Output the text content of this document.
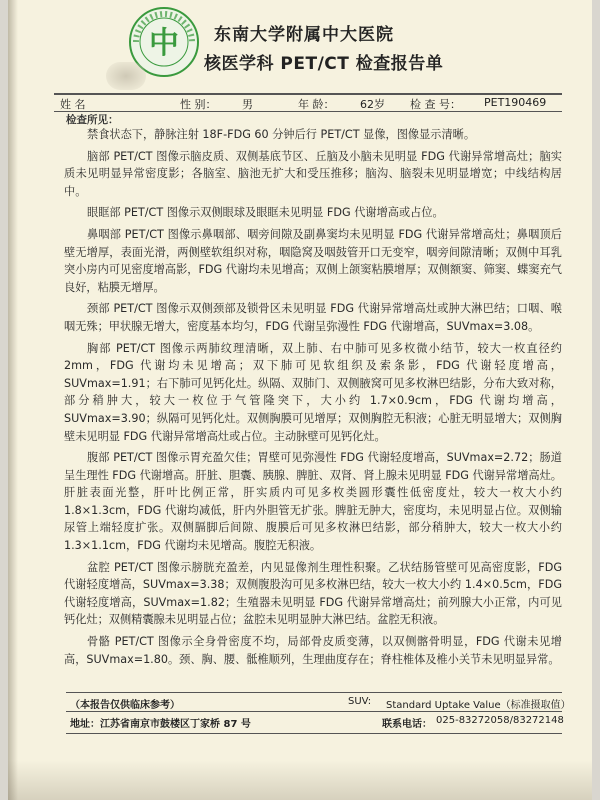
中 东南大学附属中大医院
核医学科 PET/CT 检查报告单
姓 名	性 别： 男	年 龄： 62岁 检 查 号： PET190469
检查所见：

禁食状态下，静脉注射 18F-FDG 60 分钟后行 PET/CT 显像，图像显示清晰。

脑部 PET/CT 图像示脑皮质、双侧基底节区、丘脑及小脑未见明显 FDG 代谢异常增高灶；脑实质未见明显异常密度影；各脑室、脑池无扩大和受压推移；脑沟、脑裂未见明显增宽；中线结构居中。

眼眶部 PET/CT 图像示双侧眼球及眼眶未见明显 FDG 代谢增高或占位。

鼻咽部 PET/CT 图像示鼻咽部、咽旁间隙及副鼻窦均未见明显 FDG 代谢异常增高灶；鼻咽顶后壁无增厚，表面光滑，两侧壁软组织对称，咽隐窝及咽鼓管开口无变窄，咽旁间隙清晰；双侧中耳乳突小房内可见密度增高影，FDG 代谢均未见增高；双侧上颌窦粘膜增厚；双侧额窦、筛窦、蝶窦充气良好，粘膜无增厚。

颈部 PET/CT 图像示双侧颈部及锁骨区未见明显 FDG 代谢异常增高灶或肿大淋巴结；口咽、喉咽无殊；甲状腺无增大，密度基本均匀，FDG 代谢呈弥漫性 FDG 代谢增高，SUVmax=3.08。

胸部 PET/CT 图像示两肺纹理清晰，双上肺、右中肺可见多枚微小结节，较大一枚直径约 2mm，FDG 代谢均未见增高；双下肺可见软组织及索条影，FDG 代谢轻度增高，SUVmax=1.91；右下肺可见钙化灶。纵隔、双肺门、双侧腋窝可见多枚淋巴结影，分布大致对称，部分稍肿大，较大一枚位于气管隆突下，大小约 1.7×0.9cm，FDG 代谢均增高，SUVmax=3.90；纵隔可见钙化灶。双侧胸膜可见增厚；双侧胸腔无积液；心脏无明显增大；双侧胸壁未见明显 FDG 代谢异常增高灶或占位。主动脉壁可见钙化灶。

腹部 PET/CT 图像示胃充盈欠佳；胃壁可见弥漫性 FDG 代谢轻度增高，SUVmax=2.72；肠道呈生理性 FDG 代谢增高。肝脏、胆囊、胰腺、脾脏、双肾、肾上腺未见明显 FDG 代谢异常增高灶。肝脏表面光整，肝叶比例正常，肝实质内可见多枚类圆形囊性低密度灶，较大一枚大小约 1.8×1.3cm，FDG 代谢均减低，肝内外胆管无扩张。脾脏无肿大，密度均，未见明显占位。双侧输尿管上端轻度扩张。双侧膈脚后间隙、腹膜后可见多枚淋巴结影，部分稍肿大，较大一枚大小约 1.3×1.1cm，FDG 代谢均未见增高。腹腔无积液。

盆腔 PET/CT 图像示膀胱充盈差，内见显像剂生理性积聚。乙状结肠管壁可见高密度影，FDG 代谢轻度增高，SUVmax=3.38；双侧腹股沟可见多枚淋巴结，较大一枚大小约 1.4×0.5cm，FDG 代谢轻度增高，SUVmax=1.82；生殖器未见明显 FDG 代谢异常增高灶；前列腺大小正常，内可见钙化灶；双侧精囊腺未见明显占位；盆腔未见明显肿大淋巴结。盆腔无积液。

骨骼 PET/CT 图像示全身骨密度不均，局部骨皮质变薄，以双侧髂骨明显，FDG 代谢未见增高，SUVmax=1.80。颈、胸、腰、骶椎顺列，生理曲度存在；脊柱椎体及椎小关节未见明显异常。

（本报告仅供临床参考）	SUV: Standard Uptake Value（标准摄取值）
地址： 江苏省南京市鼓楼区丁家桥 87 号	联系电话： 025-83272058/83272148
